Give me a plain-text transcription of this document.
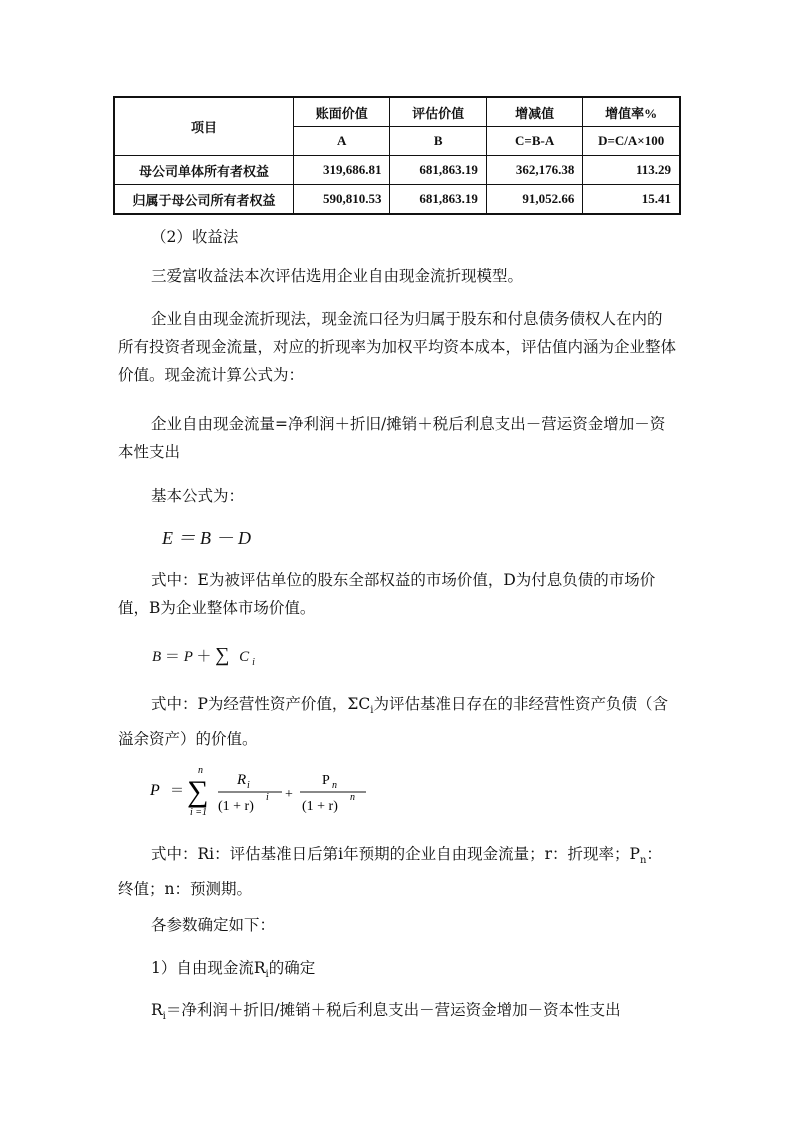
项目	账面价值	评估价值	增减值	增值率%
	A	B	C=B-A	D=C/A×100
母公司单体所有者权益	319,686.81	681,863.19	362,176.38	113.29
归属于母公司所有者权益	590,810.53	681,863.19	91,052.66	15.41
（2）收益法
三爱富收益法本次评估选用企业自由现金流折现模型。

企业自由现金流折现法，现金流口径为归属于股东和付息债务债权人在内的所有投资者现金流量，对应的折现率为加权平均资本成本，评估值内涵为企业整体价值。现金流计算公式为：

企业自由现金流量=净利润＋折旧/摊销＋税后利息支出－营运资金增加－资本性支出

基本公式为：
E ＝ B － D

式中：E为被评估单位的股东全部权益的市场价值，D为付息负债的市场价值，B为企业整体市场价值。

B ＝ P ＋ ∑ C $_i$

式中：P为经营性资产价值，$\Sigma C_i$为评估基准日存在的非经营性资产负债（含溢余资产）的价值。

P ＝
n
∑
i =1
R i
(1 + r)
i +
P n
(1 + r)
n

式中：Ri：评估基准日后第i年预期的企业自由现金流量；r：折现率；$P_n$：终值；n：预测期。

各参数确定如下：
1）自由现金流$R_i$的确定
$R_i=$净利润＋折旧/摊销＋税后利息支出－营运资金增加－资本性支出
